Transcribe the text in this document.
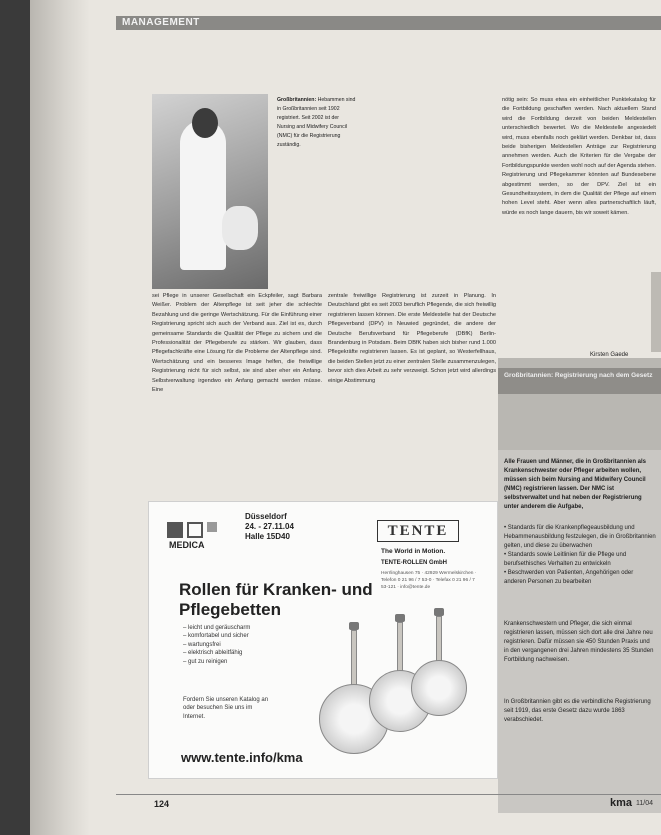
MANAGEMENT
Großbritannien: Hebammen sind in Großbritannien seit 1902 registriert. Seit 2002 ist der Nursing and Midwifery Council (NMC) für die Registrierung zuständig.
sei Pflege in unserer Gesellschaft ein Eckpfeiler, sagt Barbara Weißer. Problem der Altenpflege ist seit jeher die schlechte Bezahlung und die geringe Wertschätzung. Für die Einführung einer Registrierung spricht sich auch der Verband aus. Ziel ist es, durch gemeinsame Standards die Qualität der Pflege zu sichern und die Professionalität der Pflegeberufe zu stärken. Wir glauben, dass Pflegefachkräfte eine Lösung für die Probleme der Altenpflege sind. Wertschätzung und ein besseres Image helfen, die freiwillige Registrierung nicht für sich selbst, sie sind aber eher ein Anfang. Selbstverwaltung irgendwo ein Anfang gemacht werden müsse. Eine
zentrale freiwillige Registrierung ist zurzeit in Planung. In Deutschland gibt es seit 2003 beruflich Pflegende, die sich freiwillig registrieren lassen können. Die erste Meldestelle hat der Deutsche Pflegeverband (DPV) in Neuwied gegründet, die andere der Deutsche Berufsverband für Pflegeberufe (DBfK) Berlin-Brandenburg in Potsdam. Beim DBfK haben sich bisher rund 1.000 Pflegekräfte registrieren lassen. Es ist geplant, so Westerfellhaus, die beiden Stellen jetzt zu einer zentralen Stelle zusammenzulegen, bevor sich dies Arbeit zu sehr verzweigt. Schon jetzt wird allerdings einige Abstimmung
nötig sein: So muss etwa ein einheitlicher Punktekatalog für die Fortbildung geschaffen werden. Nach aktuellem Stand wird die Fortbildung derzeit von beiden Meldestellen unterschiedlich bewertet. Wo die Meldestelle angesiedelt wird, muss ebenfalls noch geklärt werden. Denkbar ist, dass beide bisherigen Meldestellen Anträge zur Registrierung annehmen werden. Auch die Kriterien für die Vergabe der Fortbildungspunkte werden wohl noch auf der Agenda stehen. Registrierung und Pflegekammer könnten auf Bundesebene abgestimmt werden, so der DPV. Ziel ist ein Gesundheitssystem, in dem die Qualität der Pflege auf einem hohen Level steht. Aber wenn alles partnerschaftlich läuft, würde es noch lange dauern, bis wir soweit kämen.
Kirsten Gaede
MEDICA
Düsseldorf
24. - 27.11.04
Halle 15D40	TENTE
The World in Motion.
TENTE-ROLLEN GmbH
Herrlinghausen 75 · 42929 Wermelskirchen · Telefon 0 21 96 / 7 53-0 · Telefax 0 21 96 / 7 53-121 · info@tente.de
Rollen für Kranken- und Pflegebetten
– leicht und geräuscharm
– komfortabel und sicher
– wartungsfrei
– elektrisch ableitfähig
– gut zu reinigen
Fordern Sie unseren Katalog an oder besuchen Sie uns im Internet.
www.tente.info/kma
Großbritannien: Registrierung nach dem Gesetz
Alle Frauen und Männer, die in Großbritannien als Krankenschwester oder Pfleger arbeiten wollen, müssen sich beim Nursing and Midwifery Council (NMC) registrieren lassen. Der NMC ist selbstverwaltet und hat neben der Registrierung unter anderem die Aufgabe,
• Standards für die Krankenpflegeausbildung und Hebammenausbildung festzulegen, die in Großbritannien gelten, und diese zu überwachen
• Standards sowie Leitlinien für die Pflege und berufsethisches Verhalten zu entwickeln
• Beschwerden von Patienten, Angehörigen oder anderen Personen zu bearbeiten
Krankenschwestern und Pfleger, die sich einmal registrieren lassen, müssen sich dort alle drei Jahre neu registrieren. Dafür müssen sie 450 Stunden Praxis und in den vergangenen drei Jahren mindestens 35 Stunden Fortbildung nachweisen.
In Großbritannien gibt es die verbindliche Registrierung seit 1919, das erste Gesetz dazu wurde 1863 verabschiedet.
124	kma 11/04
